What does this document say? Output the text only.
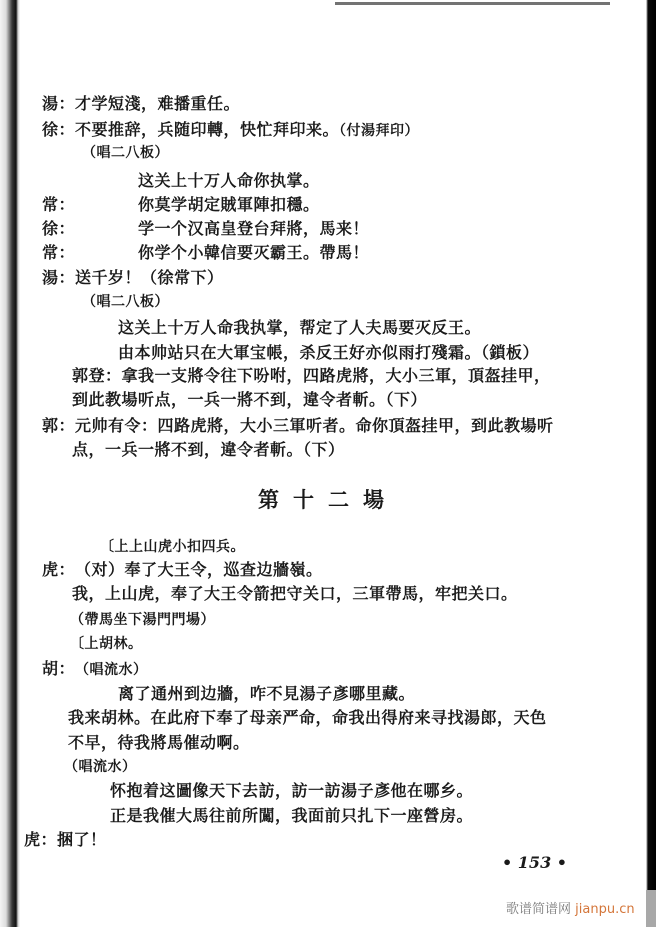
湯：才学短淺，难播重任。
徐：不要推辞，兵随印轉，快忙拜印来。（付湯拜印）
（唱二八板）
这关上十万人命你执掌。
常：	你莫学胡定賊軍陣扣穩。
徐：	学一个汉高皇登台拜將，馬来！
常：	你学个小韓信要灭霸王。帶馬！
湯：送千岁！（徐常下）
（唱二八板）
这关上十万人命我执掌，帮定了人夫馬要灭反王。
由本帅站只在大軍宝帳，杀反王好亦似雨打殘霜。（鎖板）
郭登：拿我一支將令往下吩咐，四路虎將，大小三軍，頂盔挂甲，
到此教場听点，一兵一將不到，違令者斬。（下）
郭：元帅有令：四路虎將，大小三軍听者。命你頂盔挂甲，到此教場听
点，一兵一將不到，違令者斬。（下）
第十二場
〔上上山虎小扣四兵。
虎：（对）奉了大王令，巡查边牆嶺。
我，上山虎，奉了大王令箭把守关口，三軍帶馬，牢把关口。
（帶馬坐下湯門門場）
〔上胡林。
胡：（唱流水）
离了通州到边牆，咋不見湯子彥哪里藏。
我来胡林。在此府下奉了母亲严命，命我出得府来寻找湯郎，天色
不早，待我將馬催动啊。
（唱流水）
怀抱着这圖像天下去訪，訪一訪湯子彥他在哪乡。
正是我催大馬往前所闖，我面前只扎下一座營房。
虎：捆了！
• 153 •
歌谱简谱网 jianpu.cn
